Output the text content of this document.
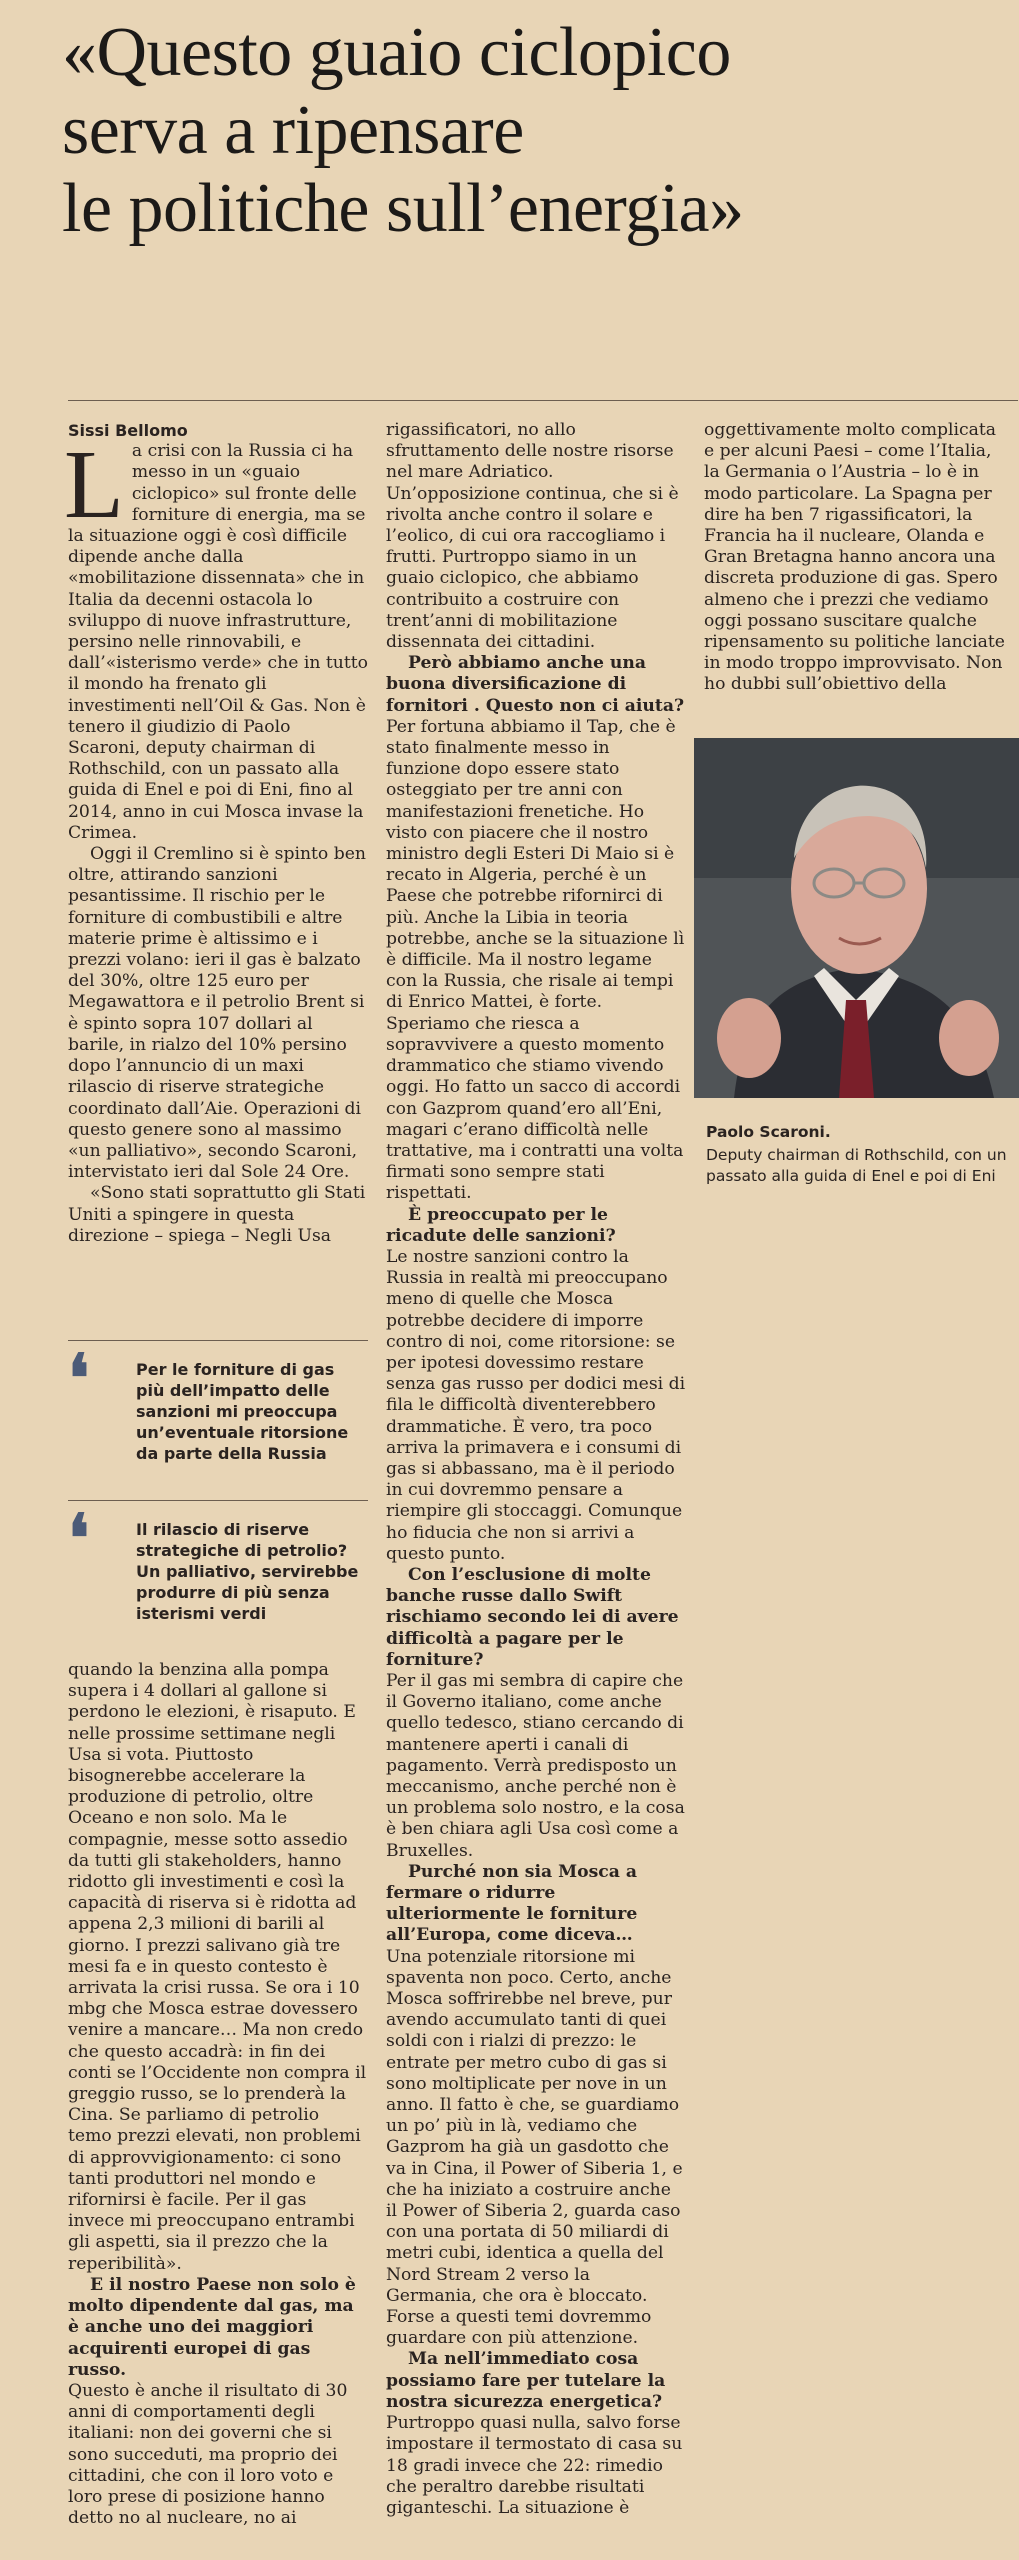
«Questo guaio ciclopico
serva a ripensare
le politiche sull’energia»

Sissi Bellomo

La crisi con la Russia ci ha messo in un «guaio ciclopico» sul fronte delle forniture di energia, ma se la situazione oggi è così difficile dipende anche dalla «mobilitazione dissennata» che in Italia da decenni ostacola lo sviluppo di nuove infrastrutture, persino nelle rinnovabili, e dall’«isterismo verde» che in tutto il mondo ha frenato gli investimenti nell’Oil & Gas. Non è tenero il giudizio di Paolo Scaroni, deputy chairman di Rothschild, con un passato alla guida di Enel e poi di Eni, fino al 2014, anno in cui Mosca invase la Crimea.

Oggi il Cremlino si è spinto ben oltre, attirando sanzioni pesantissime. Il rischio per le forniture di combustibili e altre materie prime è altissimo e i prezzi volano: ieri il gas è balzato del 30%, oltre 125 euro per Megawattora e il petrolio Brent si è spinto sopra 107 dollari al barile, in rialzo del 10% persino dopo l’annuncio di un maxi rilascio di riserve strategiche coordinato dall’Aie. Operazioni di questo genere sono al massimo «un palliativo», secondo Scaroni, intervistato ieri dal Sole 24 Ore.

«Sono stati soprattutto gli Stati Uniti a spingere in questa direzione – spiega – Negli Usa

❛	Per le forniture di gas più dell’impatto delle sanzioni mi preoccupa un’eventuale ritorsione da parte della Russia
❛	Il rilascio di riserve strategiche di petrolio? Un palliativo, servirebbe produrre di più senza isterismi verdi

quando la benzina alla pompa supera i 4 dollari al gallone si perdono le elezioni, è risaputo. E nelle prossime settimane negli Usa si vota. Piuttosto bisognerebbe accelerare la produzione di petrolio, oltre Oceano e non solo. Ma le compagnie, messe sotto assedio da tutti gli stakeholders, hanno ridotto gli investimenti e così la capacità di riserva si è ridotta ad appena 2,3 milioni di barili al giorno. I prezzi salivano già tre mesi fa e in questo contesto è arrivata la crisi russa. Se ora i 10 mbg che Mosca estrae dovessero venire a mancare… Ma non credo che questo accadrà: in fin dei conti se l’Occidente non compra il greggio russo, se lo prenderà la Cina. Se parliamo di petrolio temo prezzi elevati, non problemi di approvvigionamento: ci sono tanti produttori nel mondo e rifornirsi è facile. Per il gas invece mi preoccupano entrambi gli aspetti, sia il prezzo che la reperibilità».

E il nostro Paese non solo è molto dipendente dal gas, ma è anche uno dei maggiori acquirenti europei di gas russo.

Questo è anche il risultato di 30 anni di comportamenti degli italiani: non dei governi che si sono succeduti, ma proprio dei cittadini, che con il loro voto e loro prese di posizione hanno detto no al nucleare, no ai

rigassificatori, no allo sfruttamento delle nostre risorse nel mare Adriatico. Un’opposizione continua, che si è rivolta anche contro il solare e l’eolico, di cui ora raccogliamo i frutti. Purtroppo siamo in un guaio ciclopico, che abbiamo contribuito a costruire con trent’anni di mobilitazione dissennata dei cittadini.

Però abbiamo anche una buona diversificazione di fornitori . Questo non ci aiuta?

Per fortuna abbiamo il Tap, che è stato finalmente messo in funzione dopo essere stato osteggiato per tre anni con manifestazioni frenetiche. Ho visto con piacere che il nostro ministro degli Esteri Di Maio si è recato in Algeria, perché è un Paese che potrebbe rifornirci di più. Anche la Libia in teoria potrebbe, anche se la situazione lì è difficile. Ma il nostro legame con la Russia, che risale ai tempi di Enrico Mattei, è forte. Speriamo che riesca a sopravvivere a questo momento drammatico che stiamo vivendo oggi. Ho fatto un sacco di accordi con Gazprom quand’ero all’Eni, magari c’erano difficoltà nelle trattative, ma i contratti una volta firmati sono sempre stati rispettati.

È preoccupato per le ricadute delle sanzioni?

Le nostre sanzioni contro la Russia in realtà mi preoccupano meno di quelle che Mosca potrebbe decidere di imporre contro di noi, come ritorsione: se per ipotesi dovessimo restare senza gas russo per dodici mesi di fila le difficoltà diventerebbero drammatiche. È vero, tra poco arriva la primavera e i consumi di gas si abbassano, ma è il periodo in cui dovremmo pensare a riempire gli stoccaggi. Comunque ho fiducia che non si arrivi a questo punto.

Con l’esclusione di molte banche russe dallo Swift rischiamo secondo lei di avere difficoltà a pagare per le forniture?

Per il gas mi sembra di capire che il Governo italiano, come anche quello tedesco, stiano cercando di mantenere aperti i canali di pagamento. Verrà predisposto un meccanismo, anche perché non è un problema solo nostro, e la cosa è ben chiara agli Usa così come a Bruxelles.

Purché non sia Mosca a fermare o ridurre ulteriormente le forniture all’Europa, come diceva…

Una potenziale ritorsione mi spaventa non poco. Certo, anche Mosca soffrirebbe nel breve, pur avendo accumulato tanti di quei soldi con i rialzi di prezzo: le entrate per metro cubo di gas si sono moltiplicate per nove in un anno. Il fatto è che, se guardiamo un po’ più in là, vediamo che Gazprom ha già un gasdotto che va in Cina, il Power of Siberia 1, e che ha iniziato a costruire anche il Power of Siberia 2, guarda caso con una portata di 50 miliardi di metri cubi, identica a quella del Nord Stream 2 verso la Germania, che ora è bloccato. Forse a questi temi dovremmo guardare con più attenzione.

Ma nell’immediato cosa possiamo fare per tutelare la nostra sicurezza energetica?

Purtroppo quasi nulla, salvo forse impostare il termostato di casa su 18 gradi invece che 22: rimedio che peraltro darebbe risultati giganteschi. La situazione è

oggettivamente molto complicata e per alcuni Paesi – come l’Italia, la Germania o l’Austria – lo è in modo particolare. La Spagna per dire ha ben 7 rigassificatori, la Francia ha il nucleare, Olanda e Gran Bretagna hanno ancora una discreta produzione di gas. Spero almeno che i prezzi che vediamo oggi possano suscitare qualche ripensamento su politiche lanciate in modo troppo improvvisato. Non ho dubbi sull’obiettivo della

Paolo Scaroni.
Deputy chairman di Rothschild, con un passato alla guida di Enel e poi di Eni
